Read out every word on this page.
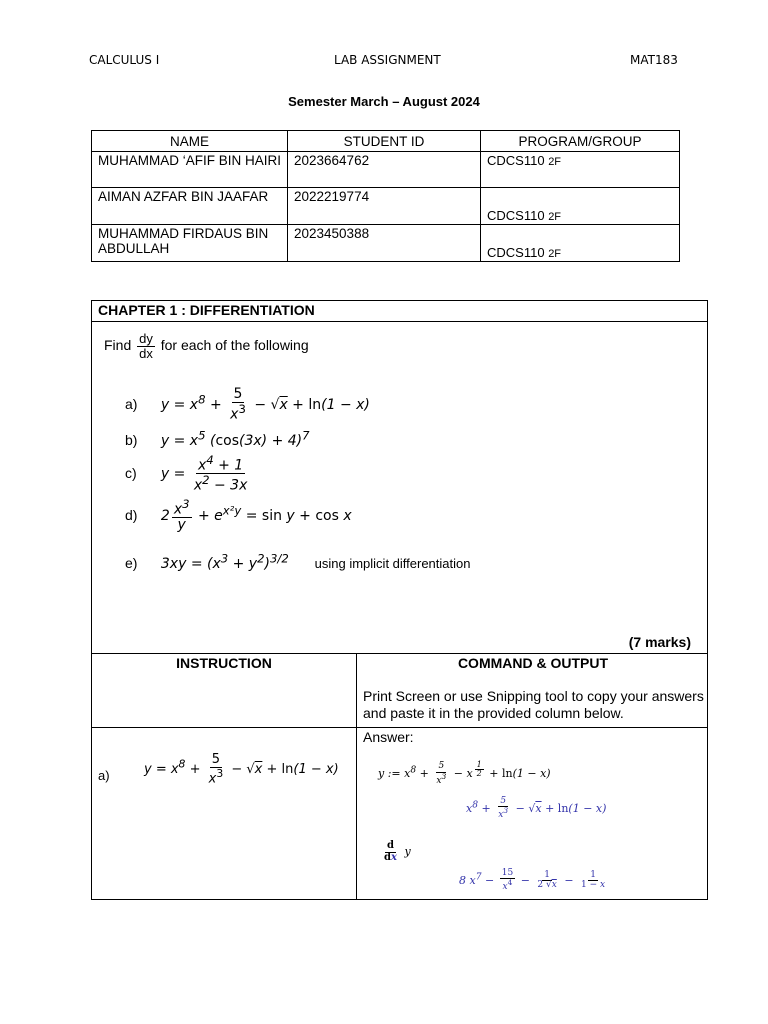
CALCULUS I	LAB ASSIGNMENT	MAT183
Semester March – August 2024
NAME	STUDENT ID	PROGRAM/GROUP
MUHAMMAD ‘AFIF BIN HAIRI	2023664762	CDCS110 2F
AIMAN AZFAR BIN JAAFAR	2022219774	CDCS110 2F
MUHAMMAD FIRDAUS BIN ABDULLAH	2023450388	CDCS110 2F
CHAPTER 1 : DIFFERENTIATION
Find $\frac{dy}{dx}$ for each of the following
a) $y = x^8 + \frac{5}{x^3} - √x + \ln(1 - x)$
b) $y = x^5$ $(\cos(3x) + 4)^7$
c) $y = \frac{x^4 + 1}{x^2 - 3x}$
d) $2 \frac{x^3}{y} + e^{x^2y} = \sin y + \cos x$
e) $3xy = (x^3 + y^2)^{3/2}$ using implicit differentiation
(7 marks)
INSTRUCTION	COMMAND & OUTPUT
Print Screen or use Snipping tool to copy your answers and paste it in the provided column below.
a)	$y = x^8 + \frac{5}{x^3} - √x + \ln(1 - x)$
Answer:
y := $x^8 + \frac{5}{x^3} - x$ $^{\frac{1}{2}}$ + ln(1 − x)
$x^8 + \frac{5}{x^3} - √x + \ln(1 - x)$
$\frac{d}{dx}$ y
8 $x^7 - \frac{15}{x^4} - \frac{1}{2 √x} - \frac{1}{1 - x}$
